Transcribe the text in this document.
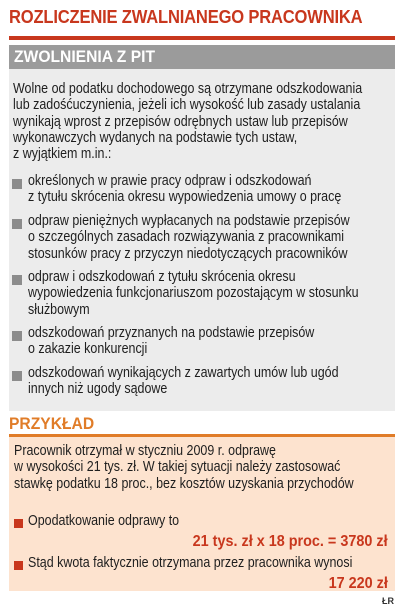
ROZLICZENIE ZWALNIANEGO PRACOWNIKA
ZWOLNIENIA Z PIT
Wolne od podatku dochodowego są otrzymane odszkodowania
lub zadośćuczynienia, jeżeli ich wysokość lub zasady ustalania
wynikają wprost z przepisów odrębnych ustaw lub przepisów
wykonawczych wydanych na podstawie tych ustaw,
z wyjątkiem m.in.:
określonych w prawie pracy odpraw i odszkodowań
z tytułu skrócenia okresu wypowiedzenia umowy o pracę
odpraw pieniężnych wypłacanych na podstawie przepisów
o szczególnych zasadach rozwiązywania z pracownikami
stosunków pracy z przyczyn niedotyczących pracowników
odpraw i odszkodowań z tytułu skrócenia okresu
wypowiedzenia funkcjonariuszom pozostającym w stosunku
służbowym
odszkodowań przyznanych na podstawie przepisów
o zakazie konkurencji
odszkodowań wynikających z zawartych umów lub ugód
innych niż ugody sądowe
PRZYKŁAD
Pracownik otrzymał w styczniu 2009 r. odprawę
w wysokości 21 tys. zł. W takiej sytuacji należy zastosować
stawkę podatku 18 proc., bez kosztów uzyskania przychodów
Opodatkowanie odprawy to
21 tys. zł x 18 proc. = 3780 zł
Stąd kwota faktycznie otrzymana przez pracownika wynosi
17 220 zł
ŁR
